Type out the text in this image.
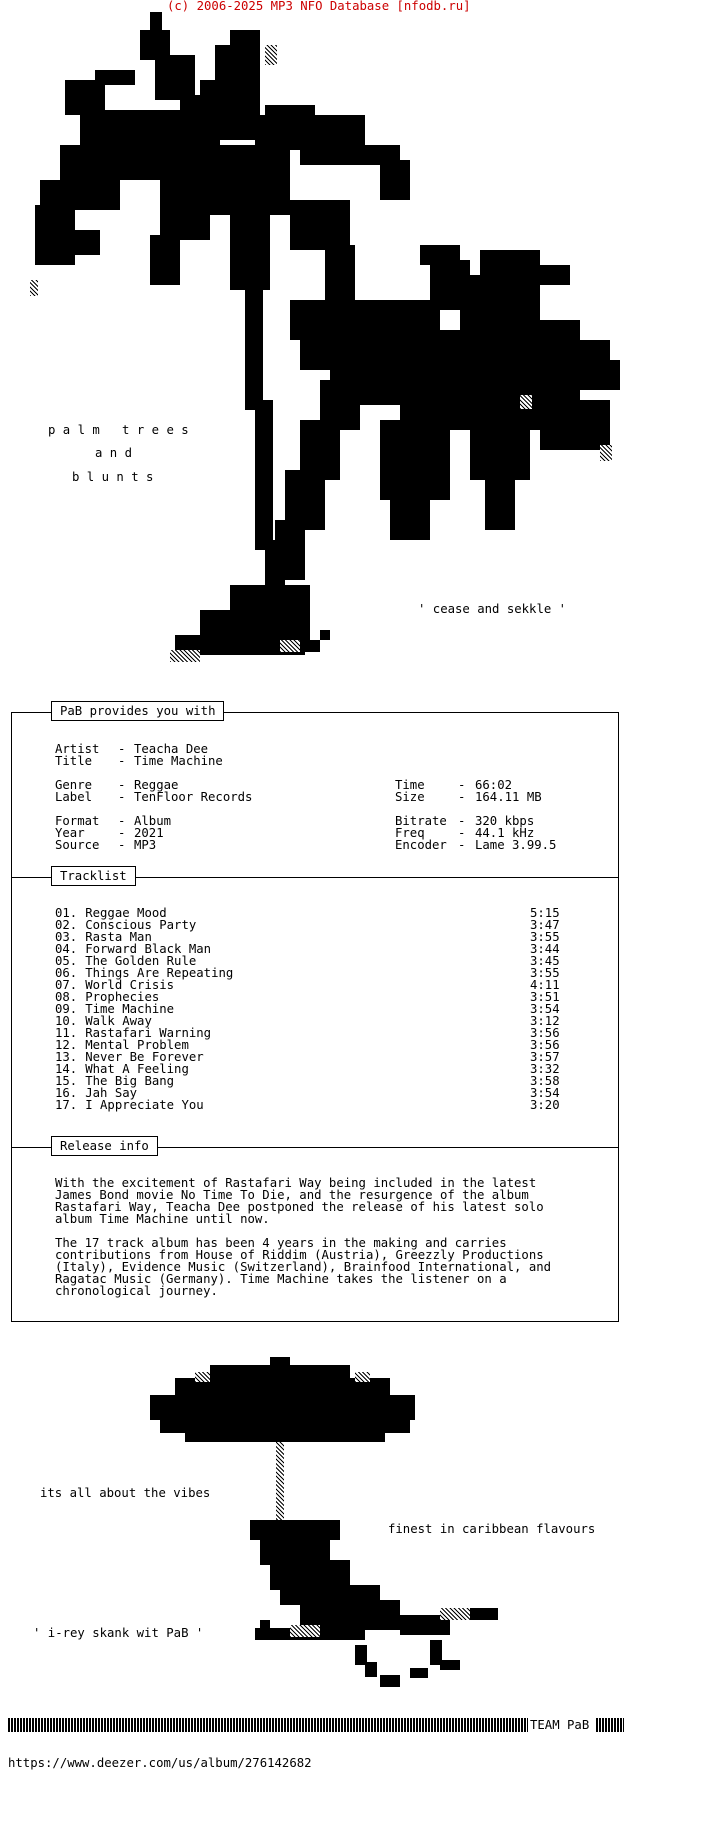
(c) 2006-2025 MP3 NFO Database [nfodb.ru]
p a l m   t r e e s
a n d
b l u n t s
' cease and sekkle '
PaB provides you with
Tracklist
Release info
Artist - Teacha Dee
Title - Time Machine
Genre - Reggae
Label - TenFloor Records
Format - Album
Year	- 2021
Source - MP3
Time	- 66:02
Size	- 164.11 MB
Bitrate - 320 kbps
Freq	- 44.1 kHz
Encoder - Lame 3.99.5
01. Reggae Mood	5:15
02. Conscious Party	3:47
03. Rasta Man	3:55
04. Forward Black Man	3:44
05. The Golden Rule	3:45
06. Things Are Repeating	3:55
07. World Crisis	4:11
08. Prophecies	3:51
09. Time Machine	3:54
10. Walk Away	3:12
11. Rastafari Warning	3:56
12. Mental Problem	3:56
13. Never Be Forever	3:57
14. What A Feeling	3:32
15. The Big Bang	3:58
16. Jah Say	3:54
17. I Appreciate You	3:20
With the excitement of Rastafari Way being included in the latest
James Bond movie No Time To Die, and the resurgence of the album
Rastafari Way, Teacha Dee postponed the release of his latest solo
album Time Machine until now.
The 17 track album has been 4 years in the making and carries
contributions from House of Riddim (Austria), Greezzly Productions
(Italy), Evidence Music (Switzerland), Brainfood International, and
Ragatac Music (Germany). Time Machine takes the listener on a
chronological journey.
its all about the vibes
finest in caribbean flavours
' i-rey skank wit PaB '
TEAM PaB
https://www.deezer.com/us/album/276142682
